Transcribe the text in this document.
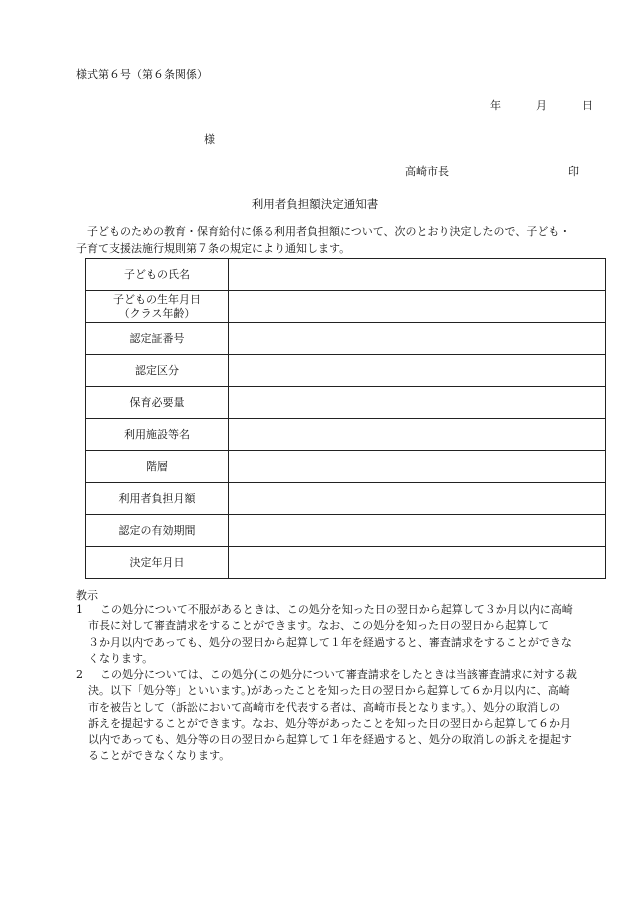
様式第６号（第６条関係）
年	月	日
様
高崎市長	印
利用者負担額決定通知書
子どものための教育・保育給付に係る利用者負担額について、次のとおり決定したので、子ども・
子育て支援法施行規則第７条の規定により通知します。
子どもの氏名	

子どもの生年月日
（クラス年齢）	

認定証番号	
認定区分	
保育必要量	
利用施設等名	
階層	
利用者負担月額	
認定の有効期間	
決定年月日	
教示
1 この処分について不服があるときは、この処分を知った日の翌日から起算して３か月以内に高崎
市長に対して審査請求をすることができます。なお、この処分を知った日の翌日から起算して
３か月以内であっても、処分の翌日から起算して１年を経過すると、審査請求をすることができな
くなります。
2 この処分については、この処分(この処分について審査請求をしたときは当該審査請求に対する裁
決。以下「処分等」といいます。)があったことを知った日の翌日から起算して６か月以内に、高崎
市を被告として（訴訟において高崎市を代表する者は、高崎市長となります。）、処分の取消しの
訴えを提起することができます。なお、処分等があったことを知った日の翌日から起算して６か月
以内であっても、処分等の日の翌日から起算して１年を経過すると、処分の取消しの訴えを提起す
ることができなくなります。
